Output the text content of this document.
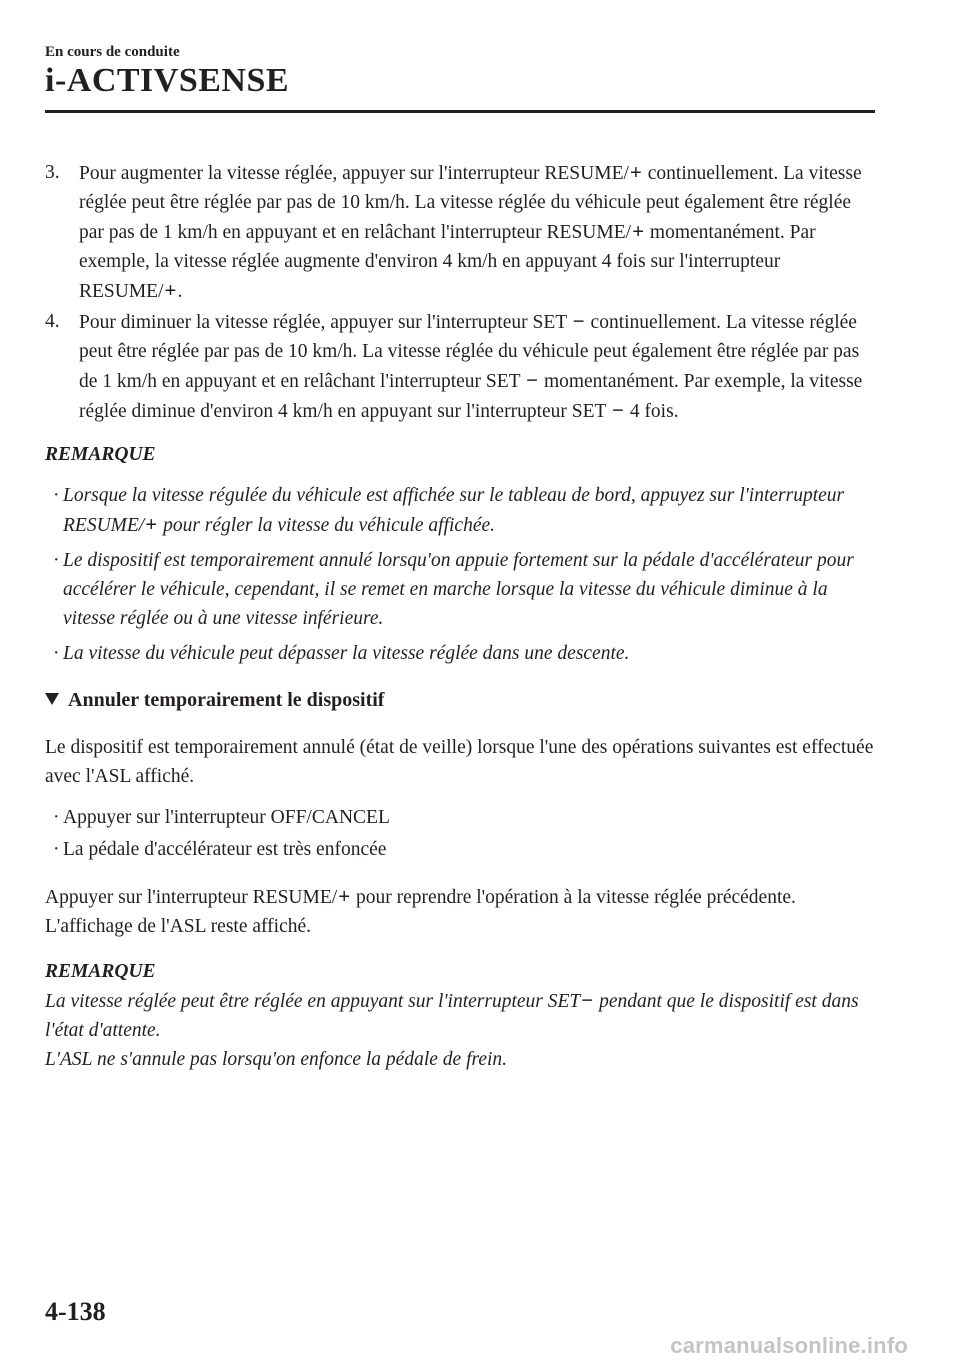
En cours de conduite
i-ACTIVSENSE

3. Pour augmenter la vitesse réglée, appuyer sur l'interrupteur RESUME/+ continuellement. La vitesse réglée peut être réglée par pas de 10 km/h. La vitesse réglée du véhicule peut également être réglée par pas de 1 km/h en appuyant et en relâchant l'interrupteur RESUME/+ momentanément. Par exemple, la vitesse réglée augmente d'environ 4 km/h en appuyant 4 fois sur l'interrupteur RESUME/+.

4. Pour diminuer la vitesse réglée, appuyer sur l'interrupteur SET − continuellement. La vitesse réglée peut être réglée par pas de 10 km/h. La vitesse réglée du véhicule peut également être réglée par pas de 1 km/h en appuyant et en relâchant l'interrupteur SET − momentanément. Par exemple, la vitesse réglée diminue d'environ 4 km/h en appuyant sur l'interrupteur SET − 4 fois.

REMARQUE
· Lorsque la vitesse régulée du véhicule est affichée sur le tableau de bord, appuyez sur l'interrupteur RESUME/+ pour régler la vitesse du véhicule affichée.
· Le dispositif est temporairement annulé lorsqu'on appuie fortement sur la pédale d'accélérateur pour accélérer le véhicule, cependant, il se remet en marche lorsque la vitesse du véhicule diminue à la vitesse réglée ou à une vitesse inférieure.
· La vitesse du véhicule peut dépasser la vitesse réglée dans une descente.
Annuler temporairement le dispositif

Le dispositif est temporairement annulé (état de veille) lorsque l'une des opérations suivantes est effectuée avec l'ASL affiché.

· Appuyer sur l'interrupteur OFF/CANCEL
· La pédale d'accélérateur est très enfoncée

Appuyer sur l'interrupteur RESUME/+ pour reprendre l'opération à la vitesse réglée précédente. L'affichage de l'ASL reste affiché.

REMARQUE
La vitesse réglée peut être réglée en appuyant sur l'interrupteur SET− pendant que le dispositif est dans l'état d'attente.
L'ASL ne s'annule pas lorsqu'on enfonce la pédale de frein.
4-138
carmanualsonline.info
